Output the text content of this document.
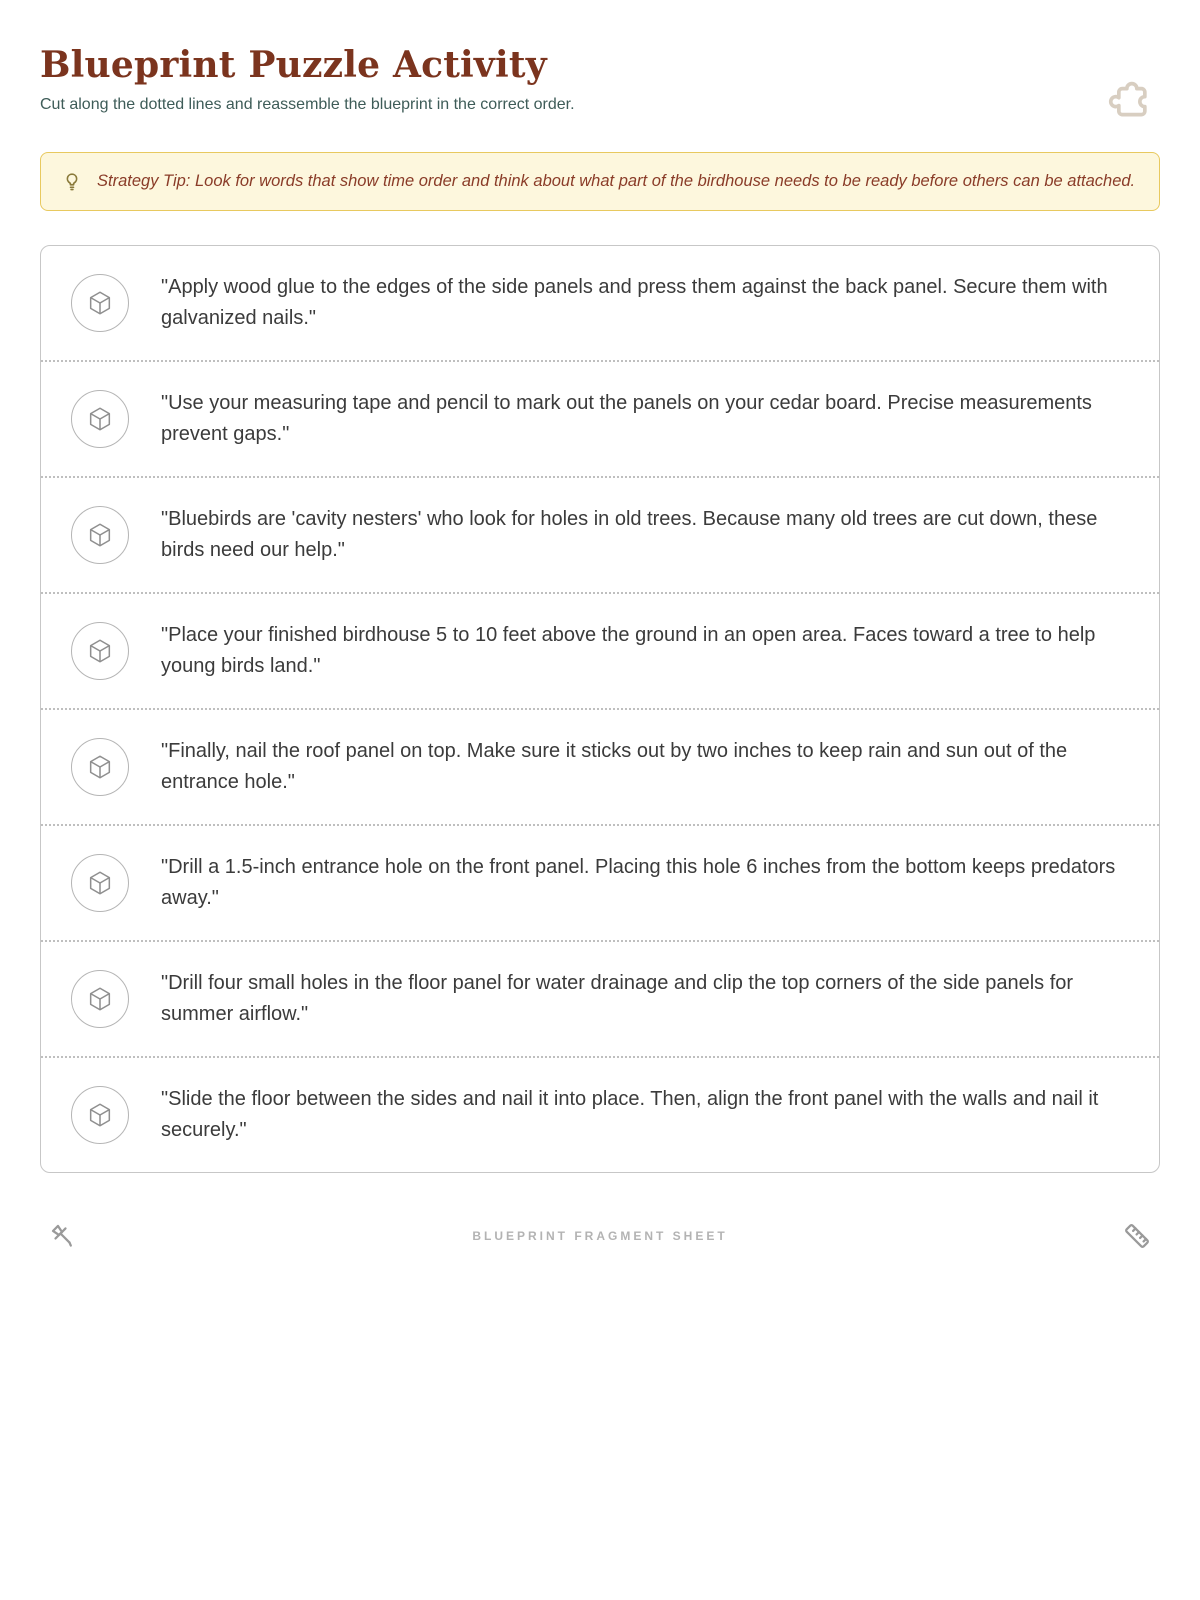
Blueprint Puzzle Activity
Cut along the dotted lines and reassemble the blueprint in the correct order.
Strategy Tip: Look for words that show time order and think about what part of the birdhouse needs to be ready before others can be attached.

"Apply wood glue to the edges of the side panels and press them against the back panel. Secure them with galvanized nails."

"Use your measuring tape and pencil to mark out the panels on your cedar board. Precise measurements prevent gaps."

"Bluebirds are 'cavity nesters' who look for holes in old trees. Because many old trees are cut down, these birds need our help."

"Place your finished birdhouse 5 to 10 feet above the ground in an open area. Faces toward a tree to help young birds land."

"Finally, nail the roof panel on top. Make sure it sticks out by two inches to keep rain and sun out of the entrance hole."

"Drill a 1.5-inch entrance hole on the front panel. Placing this hole 6 inches from the bottom keeps predators away."

"Drill four small holes in the floor panel for water drainage and clip the top corners of the side panels for summer airflow."

"Slide the floor between the sides and nail it into place. Then, align the front panel with the walls and nail it securely."

BLUEPRINT FRAGMENT SHEET
